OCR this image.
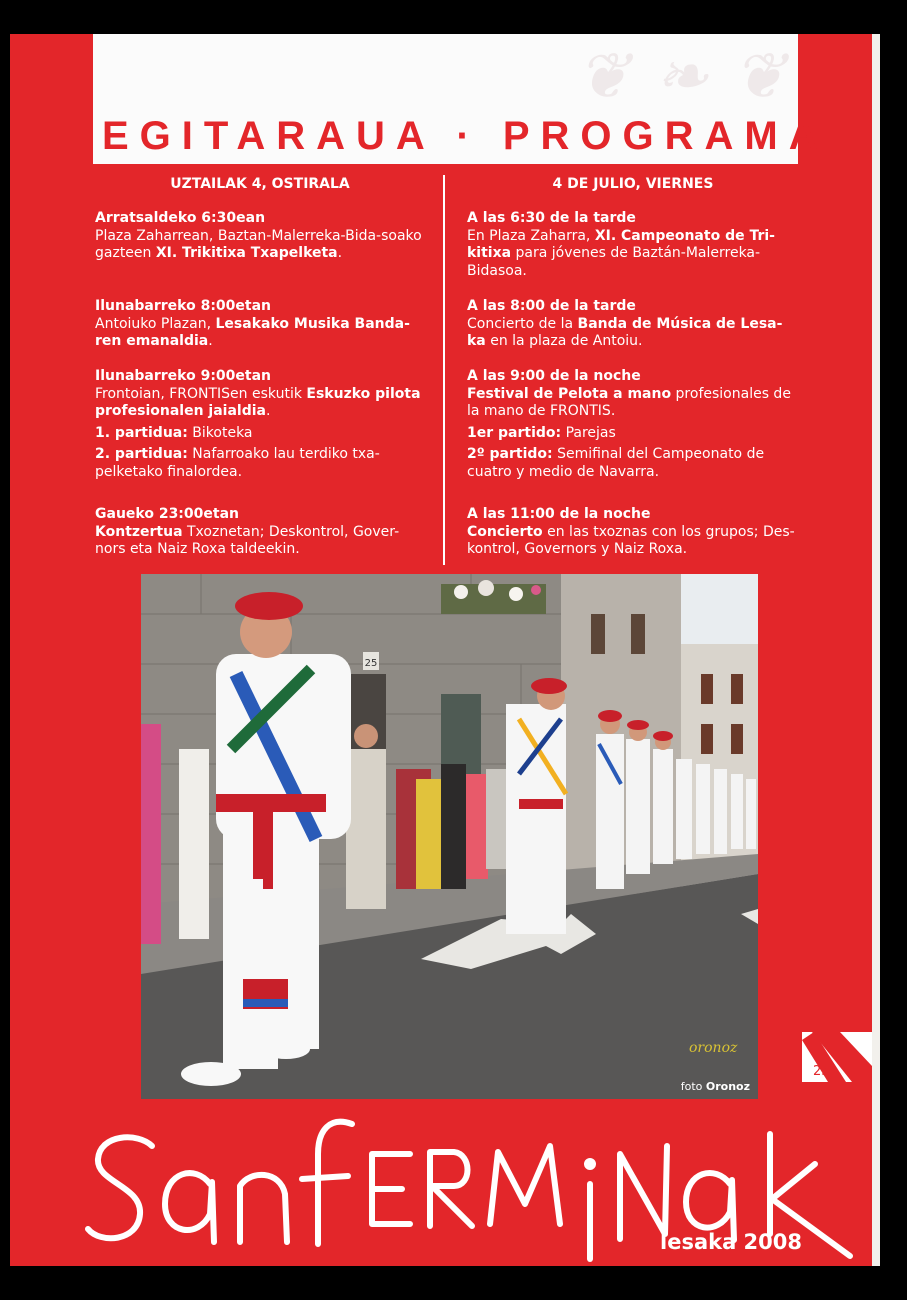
❦ ❧ ❦
EGITARAUA · PROGRAMA
UZTAILAK 4, OSTIRALA	4 DE JULIO, VIERNES
Arratsaldeko 6:30ean
Plaza Zaharrean, Baztan-Malerreka-Bida-soako gazteen XI. Trikitixa Txapelketa.
Ilunabarreko 8:00etan
Antoiuko Plazan, Lesakako Musika Banda-ren emanaldia.
Ilunabarreko 9:00etan
Frontoian, FRONTISen eskutik Eskuzko pilota profesionalen jaialdia.
1. partidua: Bikoteka
2. partidua: Nafarroako lau terdiko txa-pelketako finalordea.
Gaueko 23:00etan
Kontzertua Txoznetan; Deskontrol, Gover-nors eta Naiz Roxa taldeekin.
A las 6:30 de la tarde
En Plaza Zaharra, XI. Campeonato de Tri-kitixa para jóvenes de Baztán-Malerreka-Bidasoa.
A las 8:00 de la tarde
Concierto de la Banda de Música de Lesa-ka en la plaza de Antoiu.
A las 9:00 de la noche
Festival de Pelota a mano profesionales de la mano de FRONTIS.
1er partido: Parejas
2º partido: Semifinal del Campeonato de cuatro y medio de Navarra.
A las 11:00 de la noche
Concierto en las txoznas con los grupos; Des-kontrol, Governors y Naiz Roxa.
25
oronoz
foto Oronoz
25
lesaka 2008
